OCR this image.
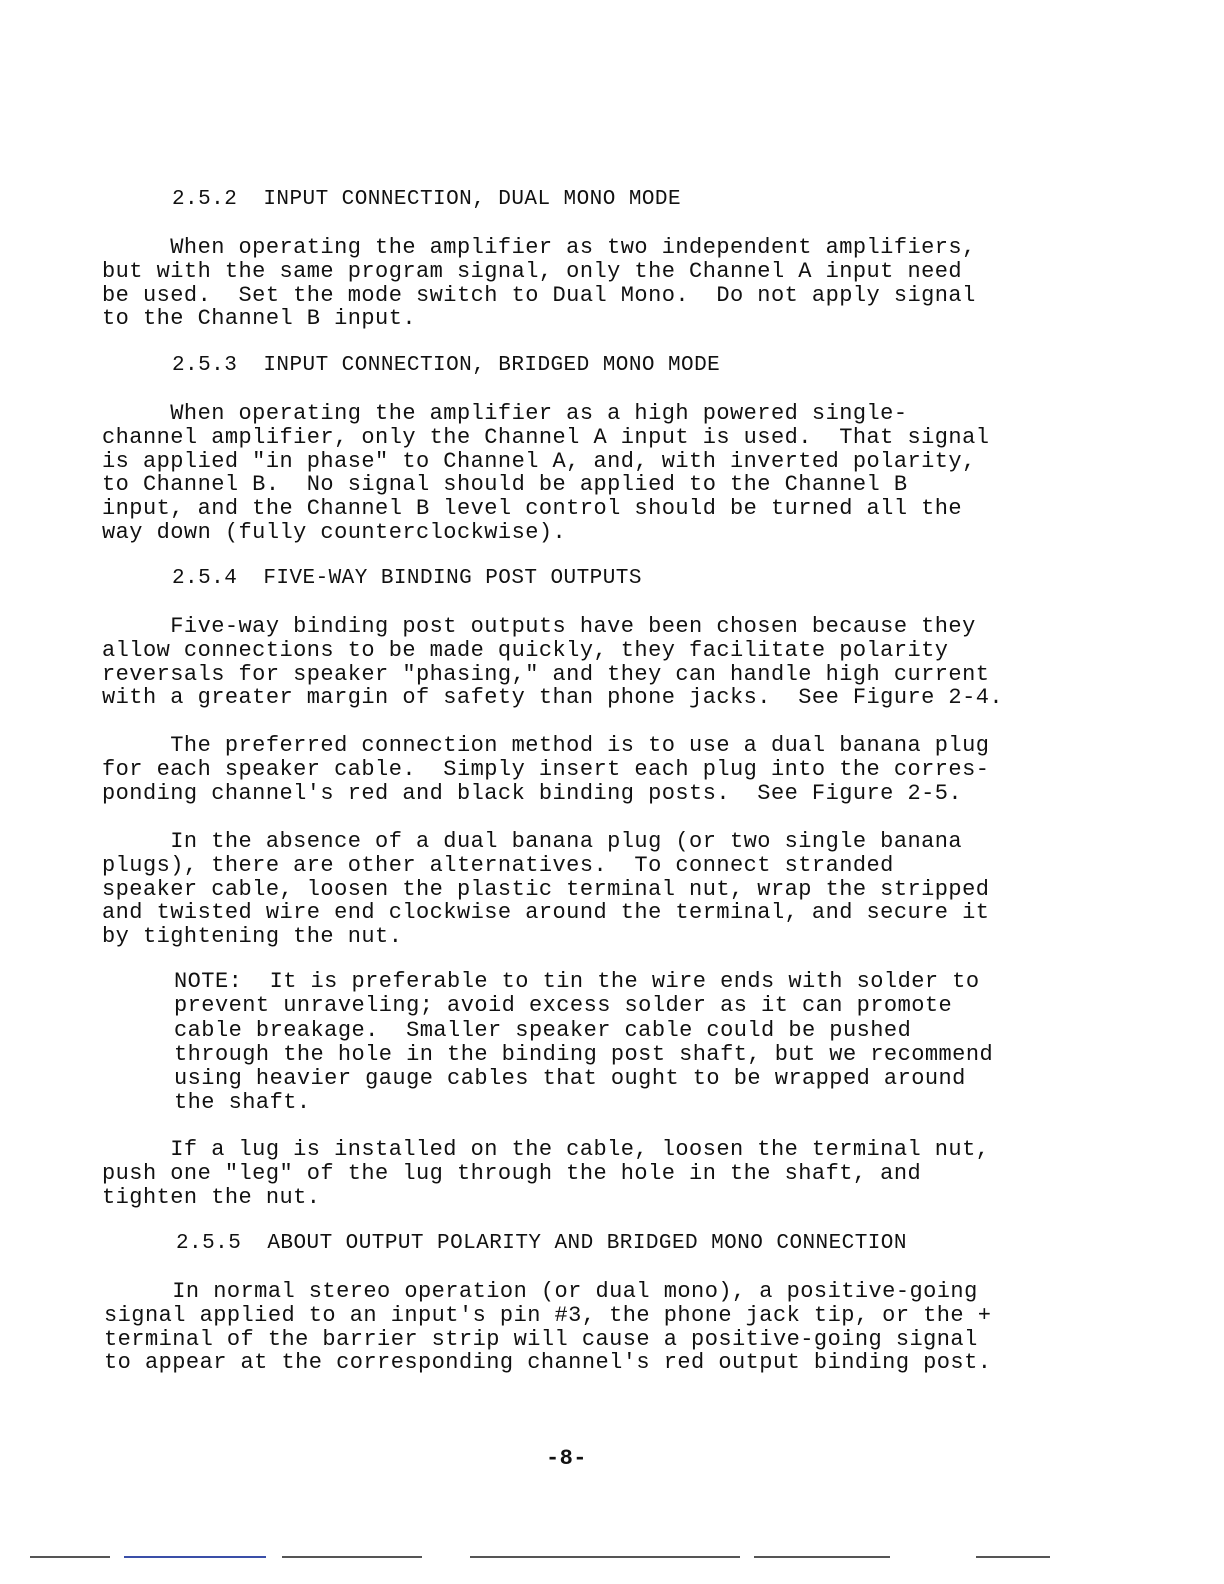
2.5.2  INPUT CONNECTION, DUAL MONO MODE
When operating the amplifier as two independent amplifiers,
but with the same program signal, only the Channel A input need
be used.  Set the mode switch to Dual Mono.  Do not apply signal
to the Channel B input.
2.5.3  INPUT CONNECTION, BRIDGED MONO MODE
When operating the amplifier as a high powered single-
channel amplifier, only the Channel A input is used.  That signal
is applied "in phase" to Channel A, and, with inverted polarity,
to Channel B.  No signal should be applied to the Channel B
input, and the Channel B level control should be turned all the
way down (fully counterclockwise).
2.5.4  FIVE-WAY BINDING POST OUTPUTS
Five-way binding post outputs have been chosen because they
allow connections to be made quickly, they facilitate polarity
reversals for speaker "phasing," and they can handle high current
with a greater margin of safety than phone jacks.  See Figure 2-4.
The preferred connection method is to use a dual banana plug
for each speaker cable.  Simply insert each plug into the corres-
ponding channel's red and black binding posts.  See Figure 2-5.
In the absence of a dual banana plug (or two single banana
plugs), there are other alternatives.  To connect stranded
speaker cable, loosen the plastic terminal nut, wrap the stripped
and twisted wire end clockwise around the terminal, and secure it
by tightening the nut.
NOTE:  It is preferable to tin the wire ends with solder to
prevent unraveling; avoid excess solder as it can promote
cable breakage.  Smaller speaker cable could be pushed
through the hole in the binding post shaft, but we recommend
using heavier gauge cables that ought to be wrapped around
the shaft.
If a lug is installed on the cable, loosen the terminal nut,
push one "leg" of the lug through the hole in the shaft, and
tighten the nut.
2.5.5  ABOUT OUTPUT POLARITY AND BRIDGED MONO CONNECTION
In normal stereo operation (or dual mono), a positive-going
signal applied to an input's pin #3, the phone jack tip, or the +
terminal of the barrier strip will cause a positive-going signal
to appear at the corresponding channel's red output binding post.
-8-
